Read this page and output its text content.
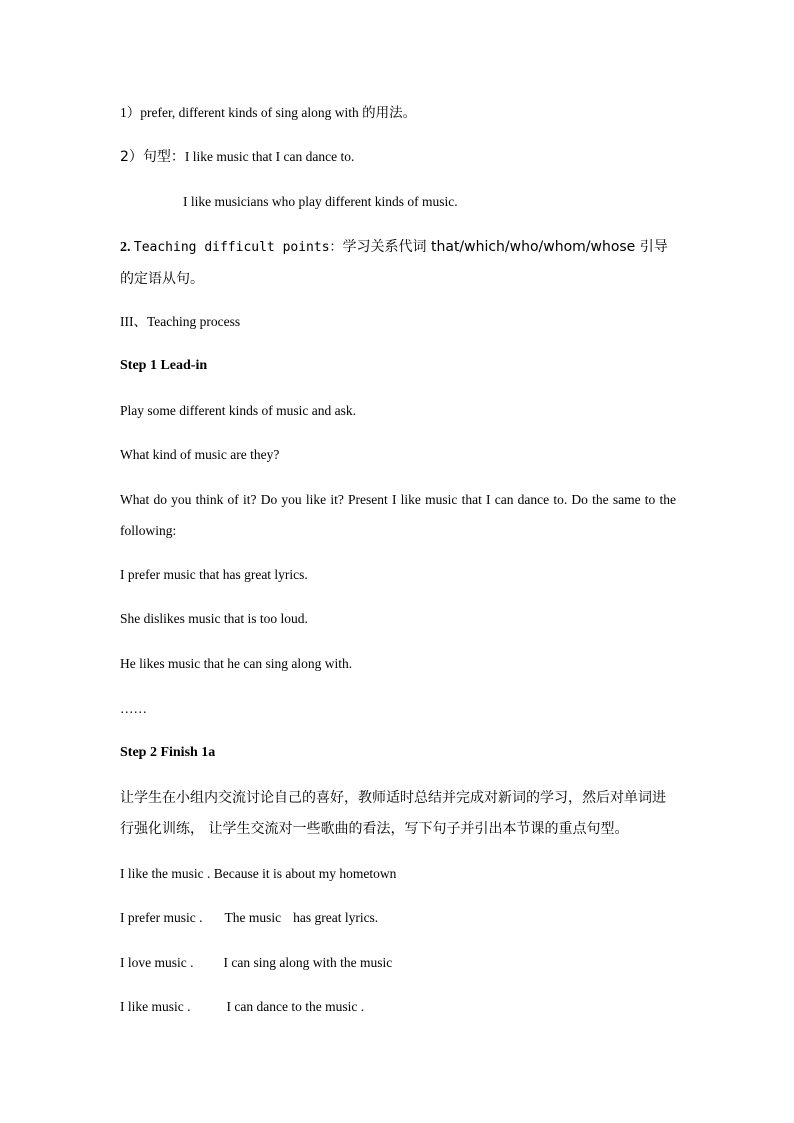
1）prefer, different kinds of sing along with 的用法。
2）句型：I like music that I can dance to.
I like musicians who play different kinds of music.
2. Teaching difficult points：学习关系代词 that/which/who/whom/whose 引导的定语从句。
III、Teaching process
Step 1 Lead-in
Play some different kinds of music and ask.
What kind of music are they?
What do you think of it? Do you like it? Present I like music that I can dance to. Do the same to the following:
I prefer music that has great lyrics.
She dislikes music that is too loud.
He likes music that he can sing along with.
……
Step 2 Finish 1a
让学生在小组内交流讨论自己的喜好，教师适时总结并完成对新词的学习，然后对单词进行强化训练， 让学生交流对一些歌曲的看法，写下句子并引出本节课的重点句型。
I like the music . Because it is about my hometown
I prefer music . The music has great lyrics.
I love music . I can sing along with the music
I like music .	I can dance to the music .
